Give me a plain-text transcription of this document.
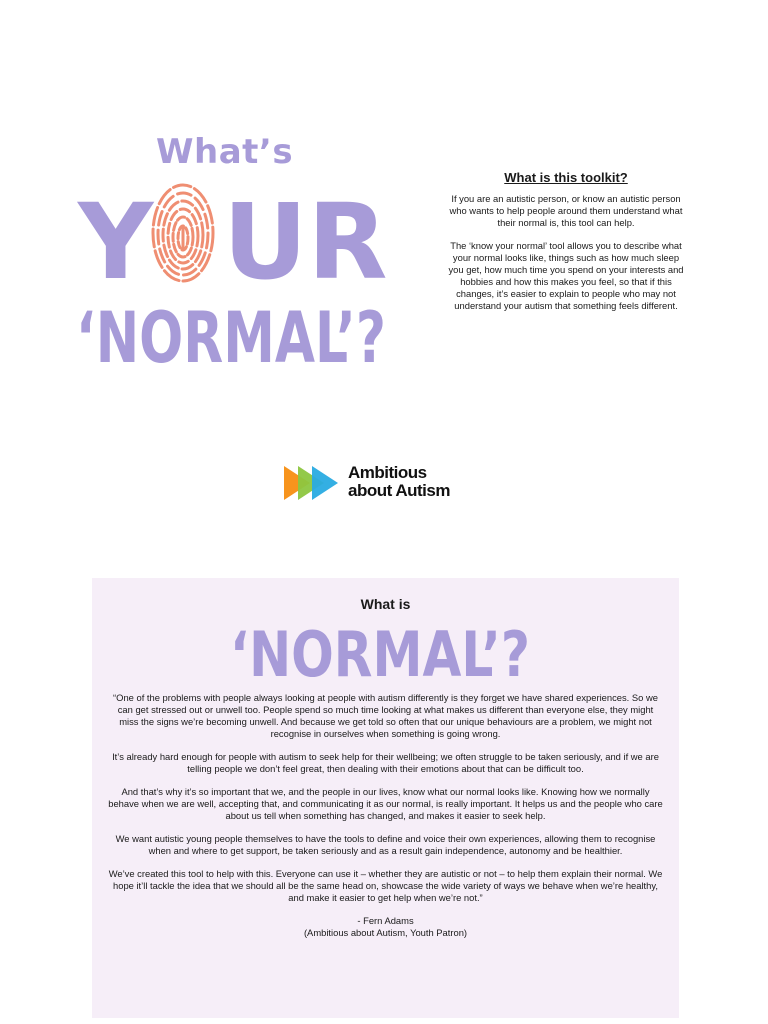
What’s
Y UR
‘NORMAL’?
What is this toolkit?

If you are an autistic person, or know an autistic person who wants to help people around them understand what their normal is, this tool can help.

The ‘know your normal’ tool allows you to describe what your normal looks like, things such as how much sleep you get, how much time you spend on your interests and hobbies and how this makes you feel, so that if this changes, it’s easier to explain to people who may not understand your autism that something feels different.

Ambitious
about Autism
What is
‘NORMAL’?

“One of the problems with people always looking at people with autism differently is they forget we have shared experiences. So we can get stressed out or unwell too. People spend so much time looking at what makes us different than everyone else, they might miss the signs we’re becoming unwell. And because we get told so often that our unique behaviours are a problem, we might not recognise in ourselves when something is going wrong.

It’s already hard enough for people with autism to seek help for their wellbeing; we often struggle to be taken seriously, and if we are telling people we don’t feel great, then dealing with their emotions about that can be difficult too.

And that’s why it’s so important that we, and the people in our lives, know what our normal looks like. Knowing how we normally behave when we are well, accepting that, and communicating it as our normal, is really important. It helps us and the people who care about us tell when something has changed, and makes it easier to seek help.

We want autistic young people themselves to have the tools to define and voice their own experiences, allowing them to recognise when and where to get support, be taken seriously and as a result gain independence, autonomy and be healthier.

We’ve created this tool to help with this. Everyone can use it – whether they are autistic or not – to help them explain their normal. We hope it’ll tackle the idea that we should all be the same head on, showcase the wide variety of ways we behave when we’re healthy, and make it easier to get help when we’re not.”

- Fern Adams
(Ambitious about Autism, Youth Patron)
